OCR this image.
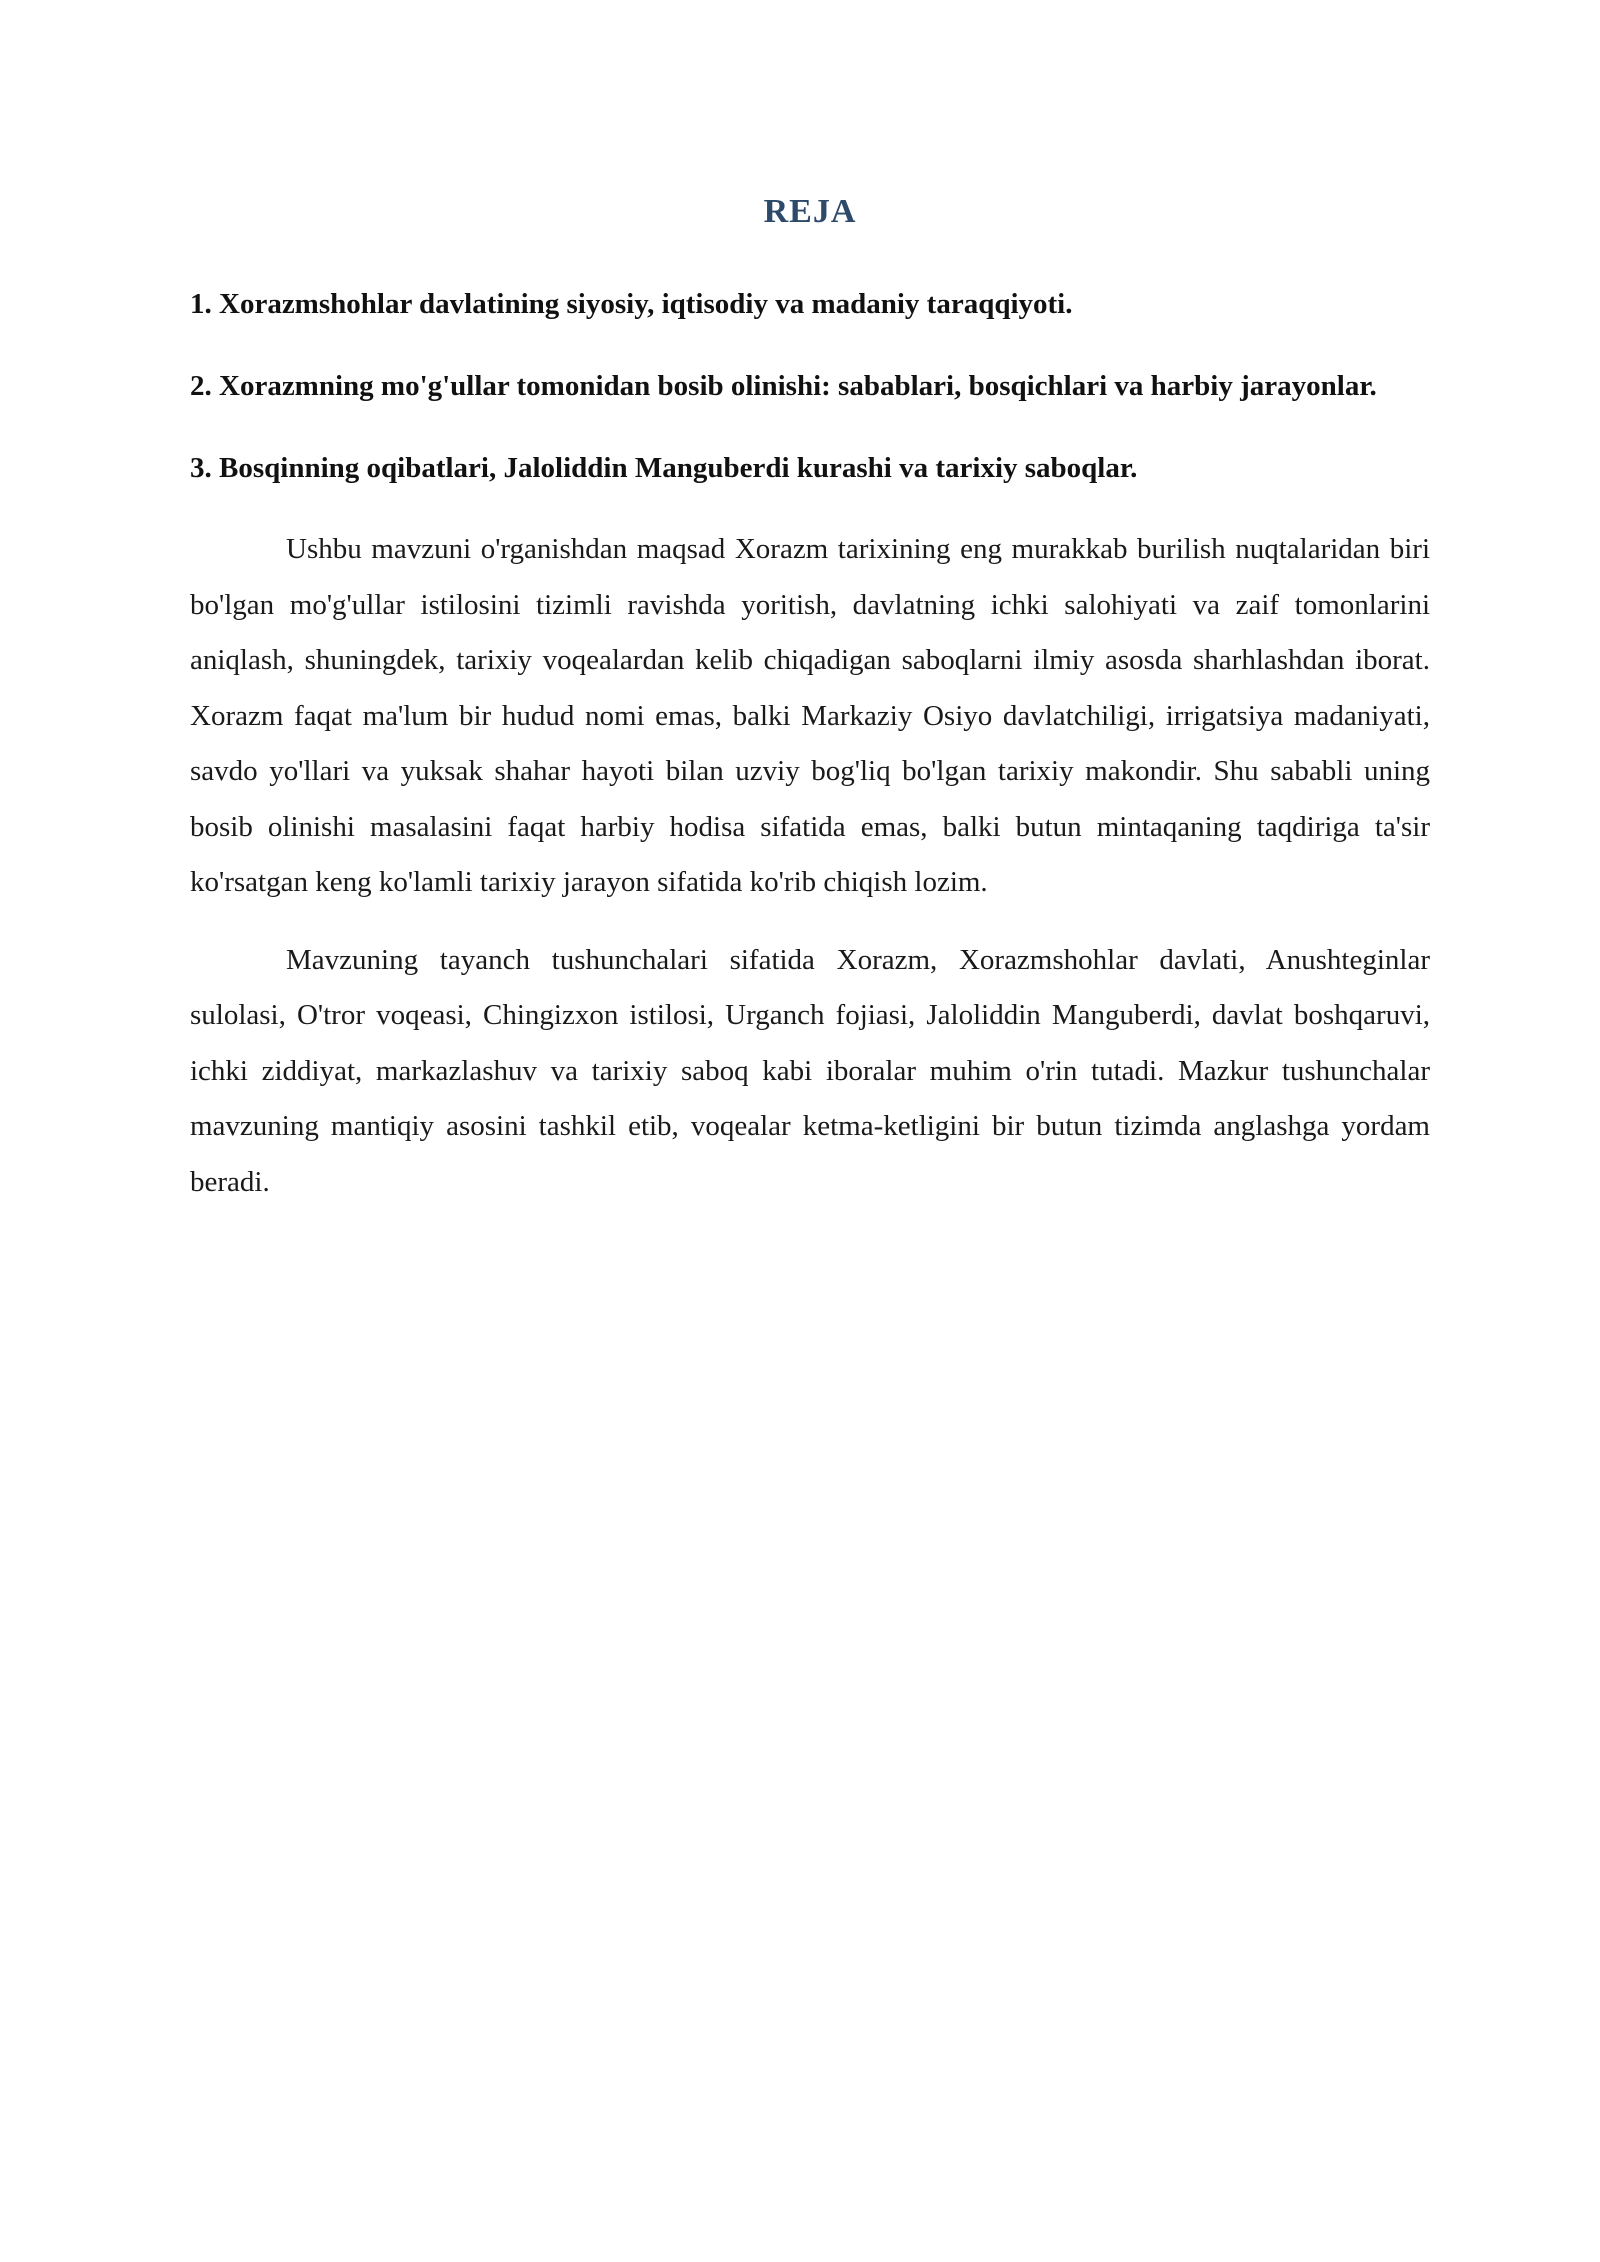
REJA
1. Xorazmshohlar davlatining siyosiy, iqtisodiy va madaniy taraqqiyoti.
2. Xorazmning mo'g'ullar tomonidan bosib olinishi: sabablari, bosqichlari va harbiy jarayonlar.
3. Bosqinning oqibatlari, Jaloliddin Manguberdi kurashi va tarixiy saboqlar.

Ushbu mavzuni o'rganishdan maqsad Xorazm tarixining eng murakkab burilish nuqtalaridan biri bo'lgan mo'g'ullar istilosini tizimli ravishda yoritish, davlatning ichki salohiyati va zaif tomonlarini aniqlash, shuningdek, tarixiy voqealardan kelib chiqadigan saboqlarni ilmiy asosda sharhlashdan iborat. Xorazm faqat ma'lum bir hudud nomi emas, balki Markaziy Osiyo davlatchiligi, irrigatsiya madaniyati, savdo yo'llari va yuksak shahar hayoti bilan uzviy bog'liq bo'lgan tarixiy makondir. Shu sababli uning bosib olinishi masalasini faqat harbiy hodisa sifatida emas, balki butun mintaqaning taqdiriga ta'sir ko'rsatgan keng ko'lamli tarixiy jarayon sifatida ko'rib chiqish lozim.

Mavzuning tayanch tushunchalari sifatida Xorazm, Xorazmshohlar davlati, Anushteginlar sulolasi, O'tror voqeasi, Chingizxon istilosi, Urganch fojiasi, Jaloliddin Manguberdi, davlat boshqaruvi, ichki ziddiyat, markazlashuv va tarixiy saboq kabi iboralar muhim o'rin tutadi. Mazkur tushunchalar mavzuning mantiqiy asosini tashkil etib, voqealar ketma-ketligini bir butun tizimda anglashga yordam beradi.
